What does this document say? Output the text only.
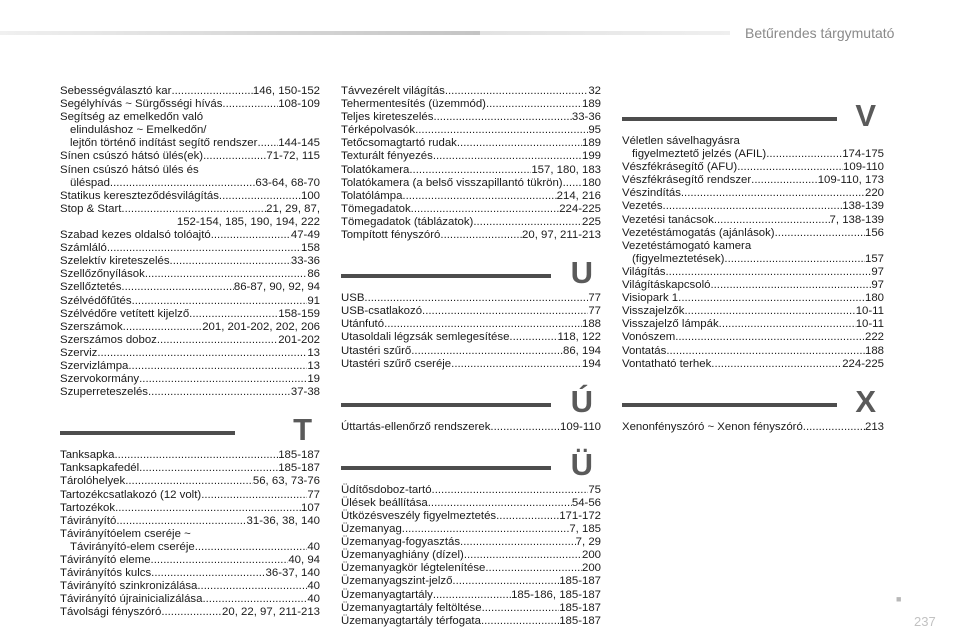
Betűrendes tárgymutató
Sebességválasztó kar .....	146, 150-152
Segélyhívás ~ Sürgősségi hívás .....	108-109
Segítség az emelkedőn való
elinduláshoz ~ Emelkedőn/
lejtőn történő indítást segítő rendszer ..... 144-145
Sínen csúszó hátsó ülés(ek) .....	71-72, 115
Sínen csúszó hátsó ülés és
üléspad .....	63-64, 68-70
Statikus kereszteződésvilágítás .....	100
Stop & Start .....	21, 29, 87,
152-154, 185, 190, 194, 222
Szabad kezes oldalsó tolóajtó .....	47-49
Számláló .....	158
Szelektív kireteszelés .....	33-36
Szellőzőnyílások .....	86
Szellőztetés .....	86-87, 90, 92, 94
Szélvédőfűtés .....	91
Szélvédőre vetített kijelző .....	158-159
Szerszámok .....	201, 201-202, 202, 206
Szerszámos doboz .....	201-202
Szerviz .....	13
Szervizlámpa .....	13
Szervokormány .....	19
Szuperreteszelés .....	37-38
T
Tanksapka .....	185-187
Tanksapkafedél .....	185-187
Tárolóhelyek .....	56, 63, 73-76
Tartozékcsatlakozó (12 volt) .....	77
Tartozékok .....	107
Távirányító .....	31-36, 38, 140
Távirányítóelem cseréje ~
Távirányító-elem cseréje .....	40
Távirányító eleme .....	40, 94
Távirányítós kulcs .....	36-37, 140
Távirányító szinkronizálása .....	40
Távirányító újrainicializálása .....	40
Távolsági fényszóró .....	20, 22, 97, 211-213
Távvezérelt világítás .....	32
Tehermentesítés (üzemmód) .....	189
Teljes kireteszelés .....	33-36
Térképolvasók .....	95
Tetőcsomagtartó rudak .....	189
Texturált fényezés .....	199
Tolatókamera .....	157, 180, 183
Tolatókamera (a belső visszapillantó tükrön) ..... 180
Tolatólámpa .....	214, 216
Tömegadatok .....	224-225
Tömegadatok (táblázatok) .....	225
Tompított fényszóró .....	20, 97, 211-213
U
USB .....	77
USB-csatlakozó .....	77
Utánfutó .....	188
Utasoldali légzsák semlegesítése .....	118, 122
Utastéri szűrő .....	86, 194
Utastéri szűrő cseréje .....	194
Ú
Úttartás-ellenőrző rendszerek .....	109-110
Ü
Üdítősdoboz-tartó .....	75
Ülések beállítása .....	54-56
Ütközésveszély figyelmeztetés .....	171-172
Üzemanyag .....	7, 185
Üzemanyag-fogyasztás .....	7, 29
Üzemanyaghiány (dízel) .....	200
Üzemanyagkör légtelenítése .....	200
Üzemanyagszint-jelző .....	185-187
Üzemanyagtartály .....	185-186, 185-187
Üzemanyagtartály feltöltése .....	185-187
Üzemanyagtartály térfogata .....	185-187
V
Véletlen sávelhagyásra
figyelmeztető jelzés (AFIL) .....	174-175
Vészfékrásegítő (AFU) .....	109-110
Vészfékrásegítő rendszer .....	109-110, 173
Vészindítás .....	220
Vezetés .....	138-139
Vezetési tanácsok .....	7, 138-139
Vezetéstámogatás (ajánlások) .....	156
Vezetéstámogató kamera
(figyelmeztetések) .....	157
Világítás .....	97
Világításkapcsoló .....	97
Visiopark 1 .....	180
Visszajelzők .....	10-11
Visszajelző lámpák .....	10-11
Vonószem .....	222
Vontatás .....	188
Vontatható terhek .....	224-225
X
Xenonfényszóró ~ Xenon fényszóró .....	213
■
237
